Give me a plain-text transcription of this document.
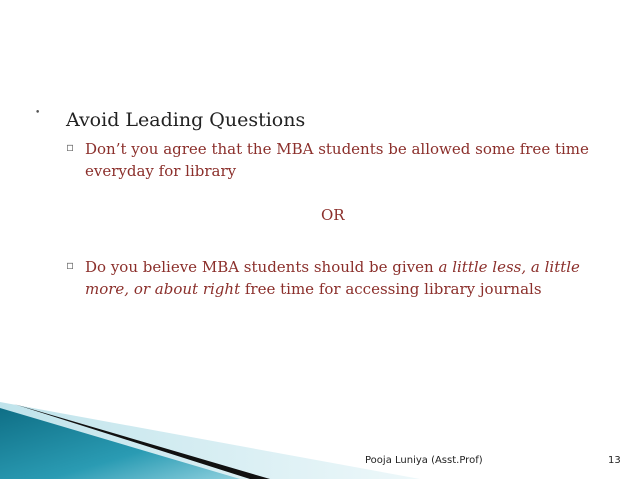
• Avoid Leading Questions
▫ Don’t you agree that the MBA students be allowed some free time everyday for library
OR
▫ Do you believe MBA students should be given a little less, a little more, or about right free time for accessing library journals
Pooja Luniya (Asst.Prof)	13
